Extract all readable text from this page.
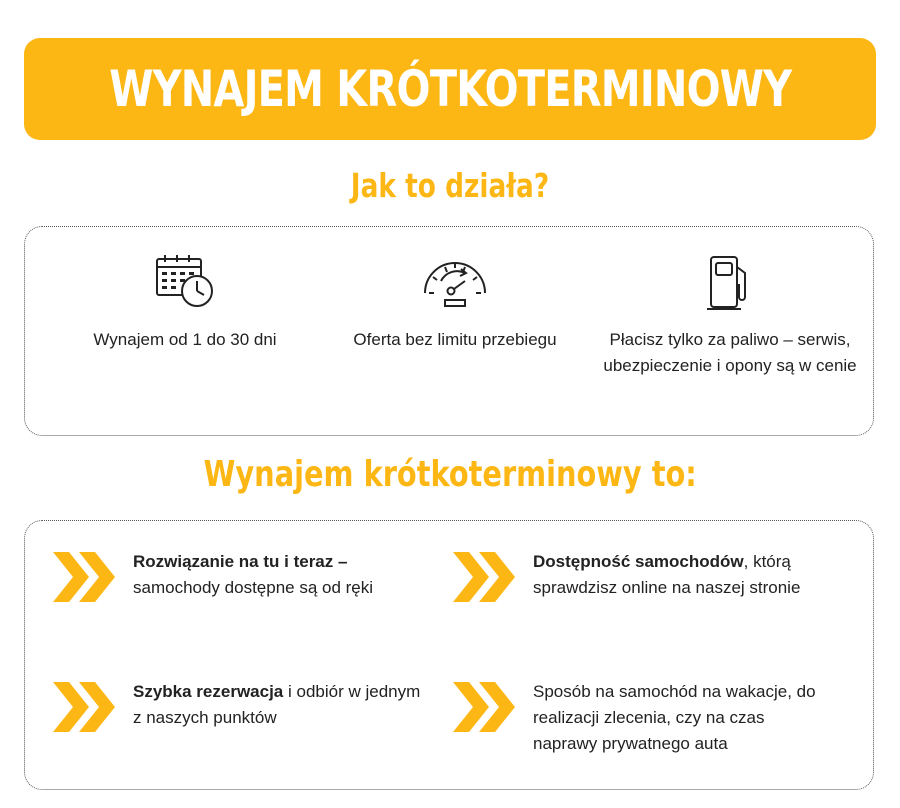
WYNAJEM KRÓTKOTERMINOWY
Jak to działa?
Wynajem od 1 do 30 dni	Oferta bez limitu przebiegu	Płacisz tylko za paliwo – serwis, ubezpieczenie i opony są w cenie
Wynajem krótkoterminowy to:
Rozwiązanie na tu i teraz – samochody dostępne są od ręki
Dostępność samochodów, którą sprawdzisz online na naszej stronie
Szybka rezerwacja i odbiór w jednym z naszych punktów
Sposób na samochód na wakacje, do realizacji zlecenia, czy na czas naprawy prywatnego auta
